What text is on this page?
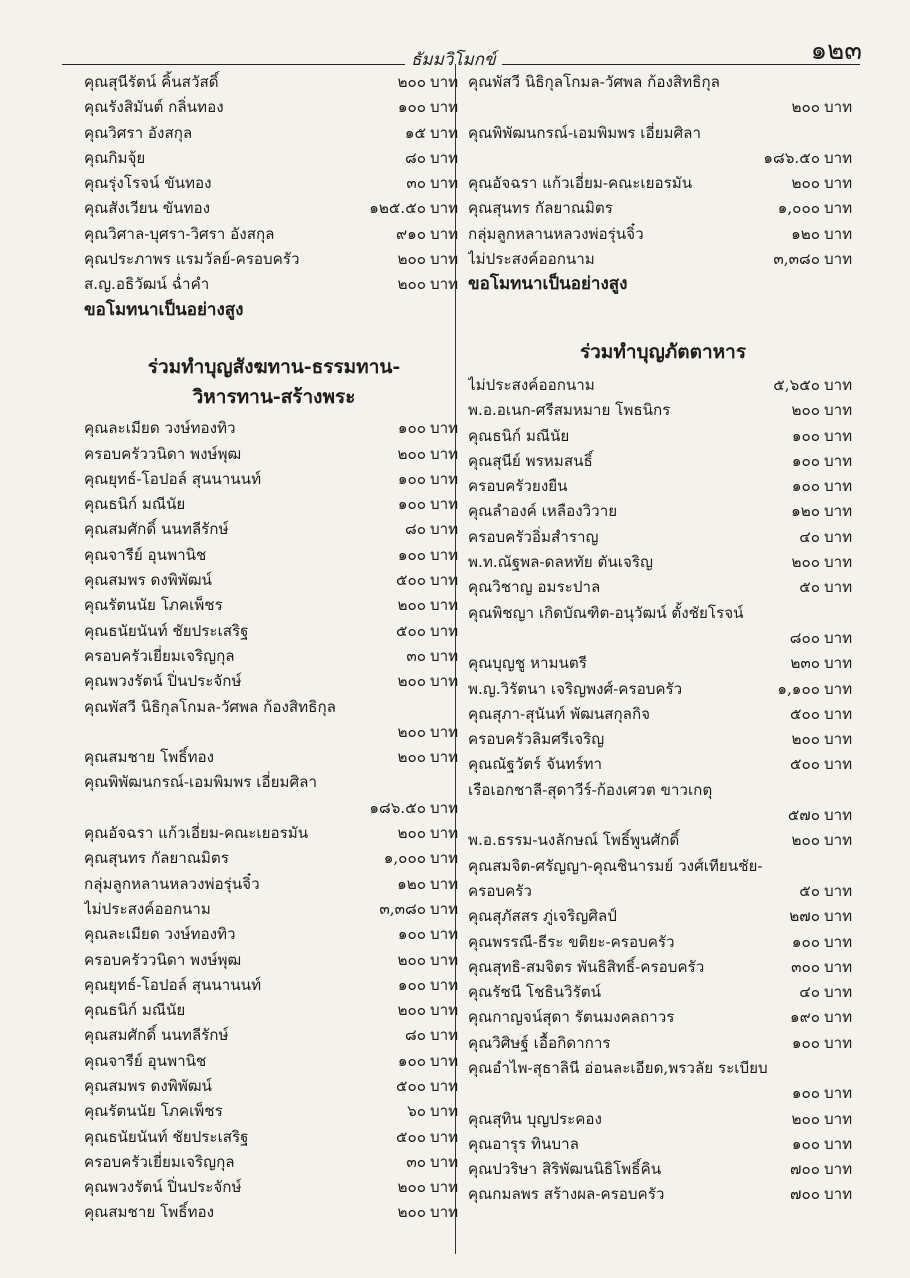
๑๒๓
ธัมมวิโมกข์
คุณสุนีรัตน์ คิ้นสวัสดิ์	๒๐๐ บาท
คุณรังสิมันต์ กลิ่นทอง	๑๐๐ บาท
คุณวิศรา อังสกุล	๑๕ บาท
คุณกิมจุ้ย	๘๐ บาท
คุณรุ่งโรจน์ ขันทอง	๓๐ บาท
คุณสังเวียน ขันทอง	๑๒๕.๕๐ บาท
คุณวิศาล-บุศรา-วิศรา อังสกุล	๙๑๐ บาท
คุณประภาพร แรมวัลย์-ครอบครัว	๒๐๐ บาท
ส.ญ.อธิวัฒน์ ฉ่ำคำ	๒๐๐ บาท
ขอโมทนาเป็นอย่างสูง
ร่วมทำบุญสังฆทาน-ธรรมทาน-
วิหารทาน-สร้างพระ
คุณละเมียด วงษ์ทองทิว	๑๐๐ บาท
ครอบครัววนิดา พงษ์พุฒ	๒๐๐ บาท
คุณยุทธ์-โอปอล์ สุนนานนท์	๑๐๐ บาท
คุณธนิก์ มณีนัย	๑๐๐ บาท
คุณสมศักดิ์ นนทลีรักษ์	๘๐ บาท
คุณจารีย์ อุนพานิช	๑๐๐ บาท
คุณสมพร ดงพิพัฒน์	๕๐๐ บาท
คุณรัตนนัย โภคเพ็ชร	๒๐๐ บาท
คุณธนัยนันท์ ชัยประเสริฐ	๕๐๐ บาท
ครอบครัวเยี่ยมเจริญกุล	๓๐ บาท
คุณพวงรัตน์ ปิ่นประจักษ์	๒๐๐ บาท
คุณพัสวี นิธิกุลโกมล-วัศพล ก้องสิทธิกุล
๒๐๐ บาท
คุณสมชาย โพธิ์ทอง	๒๐๐ บาท
คุณพิพัฒนกรณ์-เอมพิมพร เอี่ยมศิลา
๑๘๖.๕๐ บาท
คุณอัจฉรา แก้วเอี่ยม-คณะเยอรมัน	๒๐๐ บาท
คุณสุนทร กัลยาณมิตร	๑,๐๐๐ บาท
กลุ่มลูกหลานหลวงพ่อรุ่นจิ๋ว	๑๒๐ บาท
ไม่ประสงค์ออกนาม	๓,๓๘๐ บาท
คุณละเมียด วงษ์ทองทิว	๑๐๐ บาท
ครอบครัววนิดา พงษ์พุฒ	๒๐๐ บาท
คุณยุทธ์-โอปอล์ สุนนานนท์	๑๐๐ บาท
คุณธนิก์ มณีนัย	๒๐๐ บาท
คุณสมศักดิ์ นนทลีรักษ์	๘๐ บาท
คุณจารีย์ อุนพานิช	๑๐๐ บาท
คุณสมพร ดงพิพัฒน์	๕๐๐ บาท
คุณรัตนนัย โภคเพ็ชร	๖๐ บาท
คุณธนัยนันท์ ชัยประเสริฐ	๕๐๐ บาท
ครอบครัวเยี่ยมเจริญกุล	๓๐ บาท
คุณพวงรัตน์ ปิ่นประจักษ์	๒๐๐ บาท
คุณสมชาย โพธิ์ทอง	๒๐๐ บาท
คุณพัสวี นิธิกุลโกมล-วัศพล ก้องสิทธิกุล
๒๐๐ บาท
คุณพิพัฒนกรณ์-เอมพิมพร เอี่ยมศิลา
๑๘๖.๕๐ บาท
คุณอัจฉรา แก้วเอี่ยม-คณะเยอรมัน	๒๐๐ บาท
คุณสุนทร กัลยาณมิตร	๑,๐๐๐ บาท
กลุ่มลูกหลานหลวงพ่อรุ่นจิ๋ว	๑๒๐ บาท
ไม่ประสงค์ออกนาม	๓,๓๘๐ บาท
ขอโมทนาเป็นอย่างสูง
ร่วมทำบุญภัตตาหาร
ไม่ประสงค์ออกนาม	๕,๖๕๐ บาท
พ.อ.อเนก-ศรีสมหมาย โพธนิกร	๒๐๐ บาท
คุณธนิก์ มณีนัย	๑๐๐ บาท
คุณสุนีย์ พรหมสนธิ์	๑๐๐ บาท
ครอบครัวยงยืน	๑๐๐ บาท
คุณลำองค์ เหลืองวิวาย	๑๒๐ บาท
ครอบครัวอิ่มสำราญ	๔๐ บาท
พ.ท.ณัฐพล-ดลหทัย ตันเจริญ	๒๐๐ บาท
คุณวิชาญ อมระปาล	๕๐ บาท
คุณพิชญา เกิดบัณฑิต-อนุวัฒน์ ตั้งชัยโรจน์
๘๐๐ บาท
คุณบุญชู หามนตรี	๒๓๐ บาท
พ.ญ.วิรัตนา เจริญพงศ์-ครอบครัว	๑,๑๐๐ บาท
คุณสุภา-สุนันท์ พัฒนสกุลกิจ	๕๐๐ บาท
ครอบครัวลิมศรีเจริญ	๒๐๐ บาท
คุณณัฐวัตร์ จันทร์ทา	๕๐๐ บาท
เรือเอกชาลี-สุดาวีร์-ก้องเศวต ขาวเกตุ
๕๗๐ บาท
พ.อ.ธรรม-นงลักษณ์ โพธิ์พูนศักดิ์	๒๐๐ บาท
คุณสมจิต-ศรัญญา-คุณชินารมย์ วงศ์เทียนชัย-
ครอบครัว	๕๐ บาท
คุณสุภัสสร ภู่เจริญศิลป์	๒๗๐ บาท
คุณพรรณี-ธีระ ขติยะ-ครอบครัว	๑๐๐ บาท
คุณสุทธิ-สมจิตร พันธิสิทธิ์-ครอบครัว	๓๐๐ บาท
คุณรัชนี โชธินวิรัตน์	๔๐ บาท
คุณกาญจน์สุดา รัตนมงคลถาวร	๑๙๐ บาท
คุณวิศิษฐ์ เอื้อกิดาการ	๑๐๐ บาท
คุณอำไพ-สุธาลินี อ่อนละเอียด,พรวลัย ระเบียบ
๑๐๐ บาท
คุณสุทิน บุญประคอง	๒๐๐ บาท
คุณอารุร ทินบาล	๑๐๐ บาท
คุณปวริษา สิริพัฒนนิธิโพธิ์คิน	๗๐๐ บาท
คุณกมลพร สร้างผล-ครอบครัว	๗๐๐ บาท
